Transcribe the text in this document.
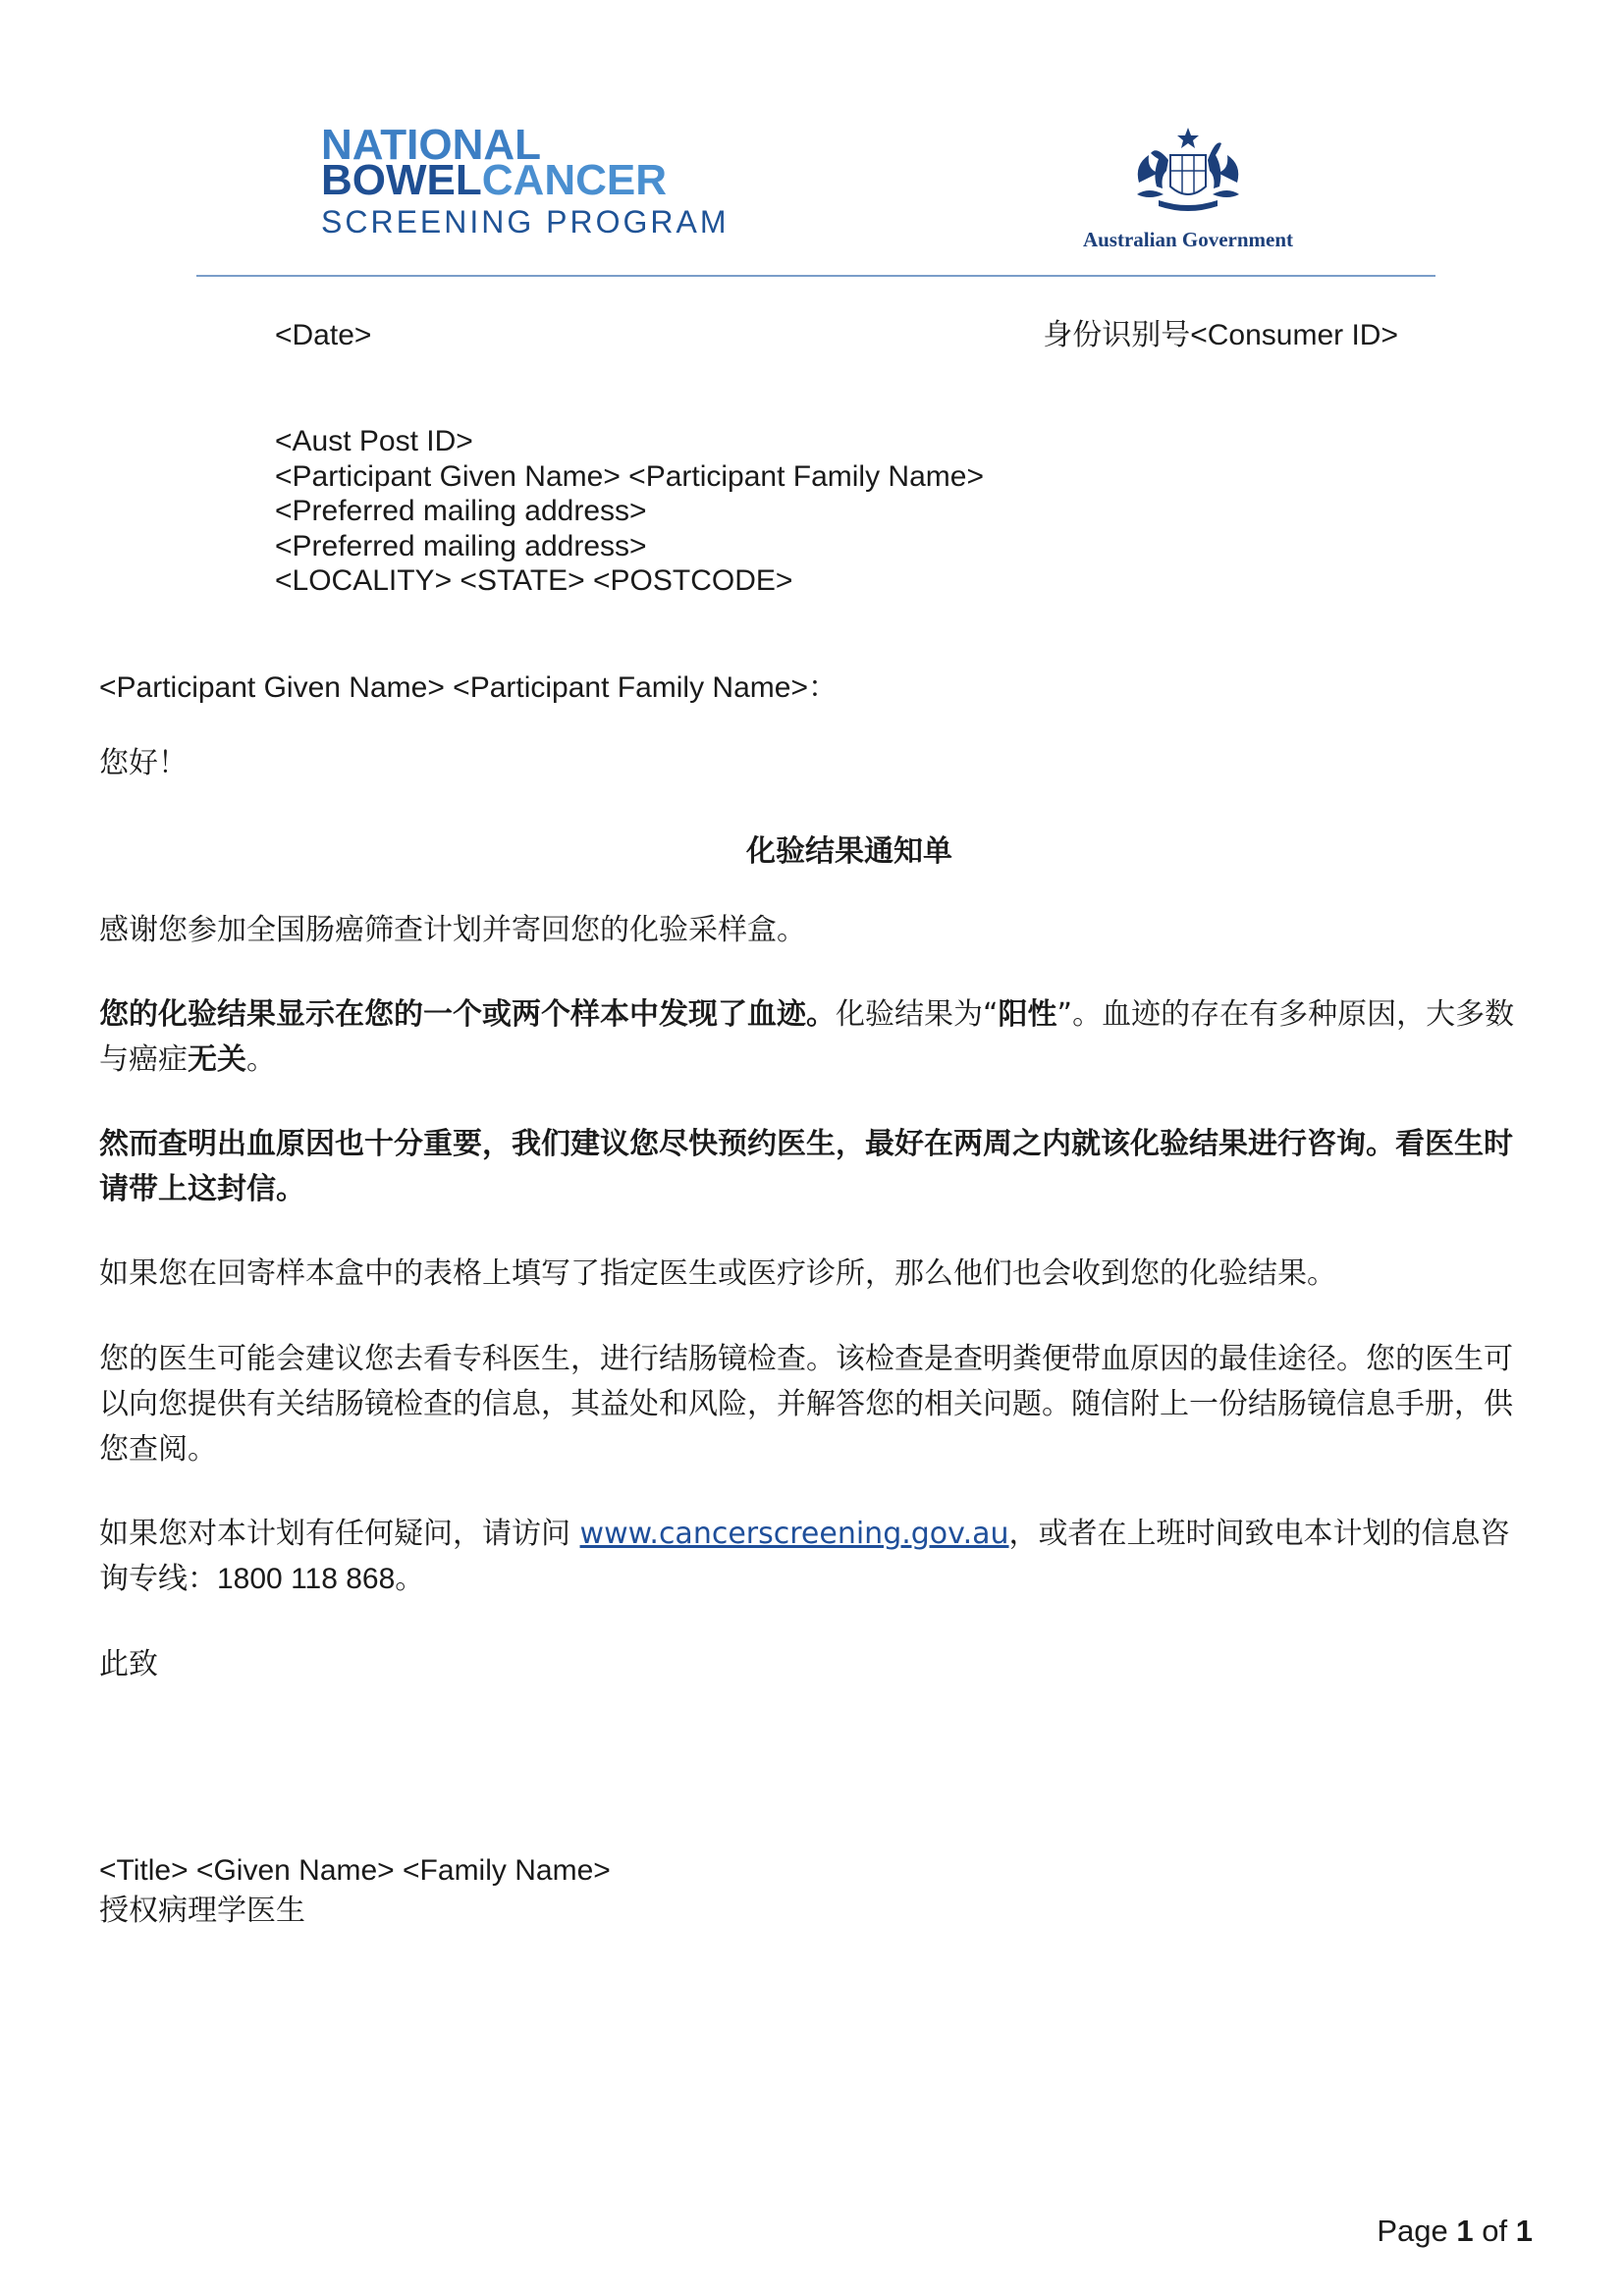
NATIONAL
BOWELCANCER
SCREENING PROGRAM	Australian Government
<Date>	身份识别号<Consumer ID>
<Aust Post ID>
<Participant Given Name> <Participant Family Name>
<Preferred mailing address>
<Preferred mailing address>
<LOCALITY> <STATE> <POSTCODE>
<Participant Given Name> <Participant Family Name>：
您好！
化验结果通知单
感谢您参加全国肠癌筛查计划并寄回您的化验采样盒。
您的化验结果显示在您的一个或两个样本中发现了血迹。化验结果为“阳性”。血迹的存在有多种原因，大多数与癌症无关。
然而查明出血原因也十分重要，我们建议您尽快预约医生，最好在两周之内就该化验结果进行咨询。看医生时请带上这封信。
如果您在回寄样本盒中的表格上填写了指定医生或医疗诊所，那么他们也会收到您的化验结果。
您的医生可能会建议您去看专科医生，进行结肠镜检查。该检查是查明粪便带血原因的最佳途径。您的医生可以向您提供有关结肠镜检查的信息，其益处和风险，并解答您的相关问题。随信附上一份结肠镜信息手册，供您查阅。
如果您对本计划有任何疑问，请访问 www.cancerscreening.gov.au，或者在上班时间致电本计划的信息咨询专线：1800 118 868。
此致
<Title> <Given Name> <Family Name>
授权病理学医生
Page 1 of 1
